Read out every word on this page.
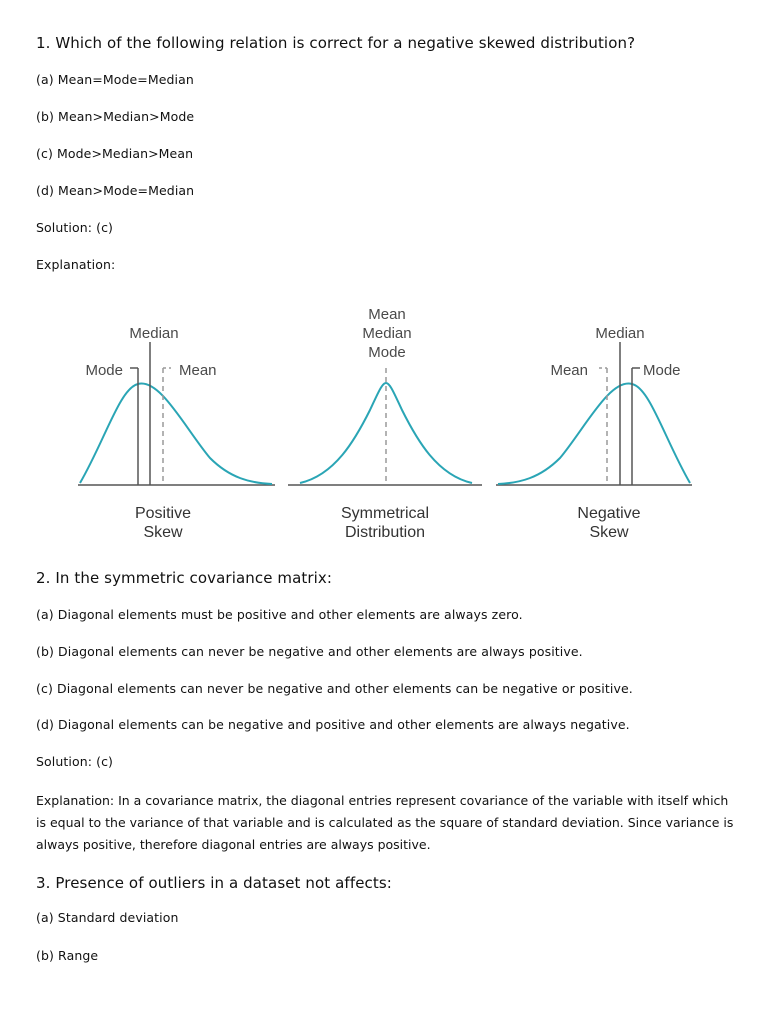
1. Which of the following relation is correct for a negative skewed distribution?
(a) Mean=Mode=Median
(b) Mean>Median>Mode
(c) Mode>Median>Mean
(d) Mean>Mode=Median
Solution: (c)
Explanation:
Median
Mode	Mean
Positive
Skew
Mean
Median
Mode
Symmetrical
Distribution
Median
Mean	Mode
Negative
Skew
2. In the symmetric covariance matrix:
(a) Diagonal elements must be positive and other elements are always zero.
(b) Diagonal elements can never be negative and other elements are always positive.
(c) Diagonal elements can never be negative and other elements can be negative or positive.
(d) Diagonal elements can be negative and positive and other elements are always negative.
Solution: (c)
Explanation: In a covariance matrix, the diagonal entries represent covariance of the variable with itself which is equal to the variance of that variable and is calculated as the square of standard deviation. Since variance is always positive, therefore diagonal entries are always positive.
3. Presence of outliers in a dataset not affects:
(a) Standard deviation
(b) Range
